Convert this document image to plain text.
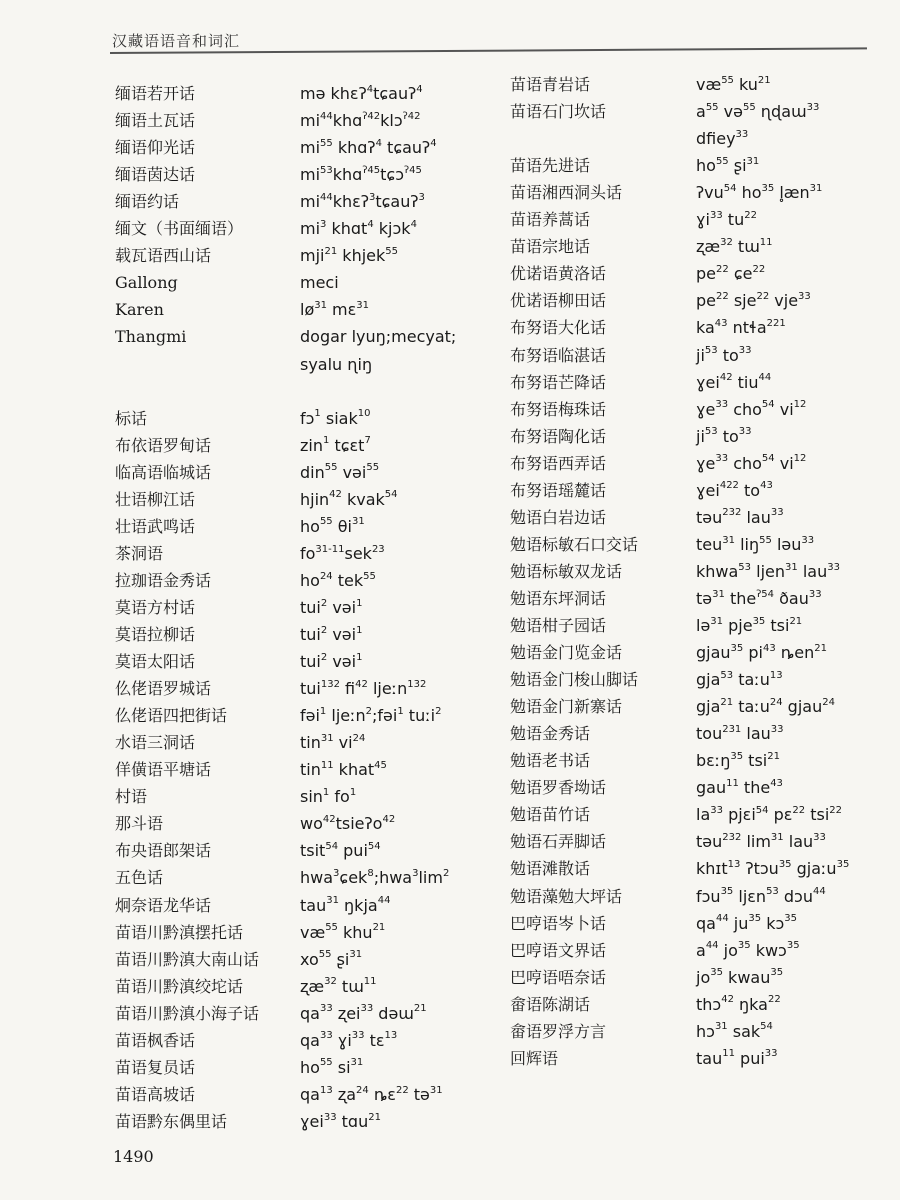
汉藏语语音和词汇
缅语若开话	mə khɛʔ$^4$tɕauʔ$^4$
缅语土瓦话	$mi^{44}khɑ^{ʔ42}klɔ^{ʔ42}$
缅语仰光话	$mi^{55}$ khɑʔ$^4$ tɕauʔ$^4$
缅语茵达话	$mi^{53}khɑ^{ʔ45}tɕɔ^{ʔ45}$
缅语约话	$mi^{44}khɛʔ^3tɕauʔ^3$
缅文（书面缅语）	$mi^3$ khɑt$^4$ kjɔk$^4$
载瓦语西山话	mji$^{21}$ khjek$^{55}$
Gallong	meci
Karen	$lø^{31}$ mɛ$^{31}$
Thangmi	dogar lyuŋ;mecyat;
syalu ɳiŋ
标话	fɔ$^1$ siak$^{10}$
布依语罗甸话	zin$^1$ tɕɛt$^7$
临高语临城话	din$^{55}$ vəi$^{55}$
壮语柳江话	hjin$^{42}$ kvak$^{54}$
壮语武鸣话	$ho^{55}$ $\theta i^{31}$
茶洞语	$fo^{31-11}sek^{23}$
拉珈语金秀话	$ho^{24}$ tek$^{55}$
莫语方村话	tui$^2$ vəi$^1$
莫语拉柳话	tui$^2$ vəi$^1$
莫语太阳话	tui$^2$ vəi$^1$
仫佬语罗城话	tui$^{132}$ $fi^{42}$ ljeːn$^{132}$
仫佬语四把街话	fəi$^1$ ljeːn$^2$;fəi$^1$ tuːi$^2$
水语三洞话	tin$^{31}$ $vi^{24}$
佯僙语平塘话	tin$^{11}$ khat$^{45}$
村语	$\sin^1 fo^1$
那斗语	$wo^{42}tsieʔo^{42}$
布央语郎架话	tsit$^{54}$ pui$^{54}$
五色话	$hwa^3ɕek^8;hwa^3\lim^2$
炯奈语龙华话	tau$^{31}$ ŋkja$^{44}$
苗语川黔滇摆托话	$væ^{55}$ khu$^{21}$
苗语川黔滇大南山话	$xo^{55}$ ʂi$^{31}$
苗语川黔滇绞坨话	ʐæ$^{32}$ tɯ$^{11}$
苗语川黔滇小海子话	$qa^{33}$ ʐei$^{33}$ dəɯ$^{21}$
苗语枫香话	$qa^{33}$ ɣi$^{33}$ tɛ$^{13}$
苗语复员话	$ho^{55}$ $si^{31}$
苗语高坡话	$qa^{13}$ ʐa$^{24}$ ȵɛ$^{22}$ tə$^{31}$
苗语黔东偶里话	ɣei$^{33}$ tɑu$^{21}$
苗语青岩话	$væ^{55}$ $ku^{21}$
苗语石门坎话	$a^{55}$ və$^{55}$ ɳɖaɯ$^{33}$
dfiey$^{33}$
苗语先进话	$ho^{55}$ ʂi$^{31}$
苗语湘西洞头话	ʔvu$^{54}$ $ho^{35}$ $l̥æn^{31}$
苗语养蒿话	ɣi$^{33}$ $tu^{22}$
苗语宗地话	ʐæ$^{32}$ tɯ$^{11}$
优诺语黄洛话	$pe^{22}$ ɕe$^{22}$
优诺语柳田话	$pe^{22}$ sje$^{22}$ vje$^{33}$
布努语大化话	$ka^{43}$ ntɬa$^{221}$
布努语临湛话	$ji^{53}$ $to^{33}$
布努语芒降话	ɣei$^{42}$ tiu$^{44}$
布努语梅珠话	ɣe$^{33}$ cho$^{54}$ $vi^{12}$
布努语陶化话	$ji^{53}$ $to^{33}$
布努语西弄话	ɣe$^{33}$ cho$^{54}$ $vi^{12}$
布努语瑶麓话	ɣei$^{422}$ $to^{43}$
勉语白岩边话	təu$^{232}$ lau$^{33}$
勉语标敏石口交话	teu$^{31}$ liŋ$^{55}$ ləu$^{33}$
勉语标敏双龙话	khwa$^{53}$ ljen$^{31}$ lau$^{33}$
勉语东坪洞话	tə$^{31}$ the$^{ʔ54}$ ðau$^{33}$
勉语柑子园话	lə$^{31}$ pje$^{35}$ tsi$^{21}$
勉语金门览金话	gjau$^{35}$ $pi^{43}$ ȵen$^{21}$
勉语金门梭山脚话	gja$^{53}$ taːu$^{13}$
勉语金门新寨话	gja$^{21}$ taːu$^{24}$ gjau$^{24}$
勉语金秀话	tou$^{231}$ lau$^{33}$
勉语老书话	bɛːŋ$^{35}$ tsi$^{21}$
勉语罗香坳话	gau$^{11}$ the$^{43}$
勉语苗竹话	$la^{33}$ pjɛi$^{54}$ pɛ$^{22}$ tsi$^{22}$
勉语石弄脚话	təu$^{232}$ $\lim^{31} lau^{33}$
勉语滩散话	khɪt$^{13}$ ʔtɔu$^{35}$ gjaːu$^{35}$
勉语藻勉大坪话	fɔu$^{35}$ ljɛn$^{53}$ dɔu$^{44}$
巴哼语岑卜话	$qa^{44}$ $ju^{35}$ kɔ$^{35}$
巴哼语文界话	$a^{44}$ $jo^{35}$ kwɔ$^{35}$
巴哼语唔奈话	$jo^{35}$ kwau$^{35}$
畲语陈湖话	thɔ$^{42}$ ŋka$^{22}$
畲语罗浮方言	hɔ$^{31}$ sak$^{54}$
回辉语	tau$^{11}$ pui$^{33}$
1490
